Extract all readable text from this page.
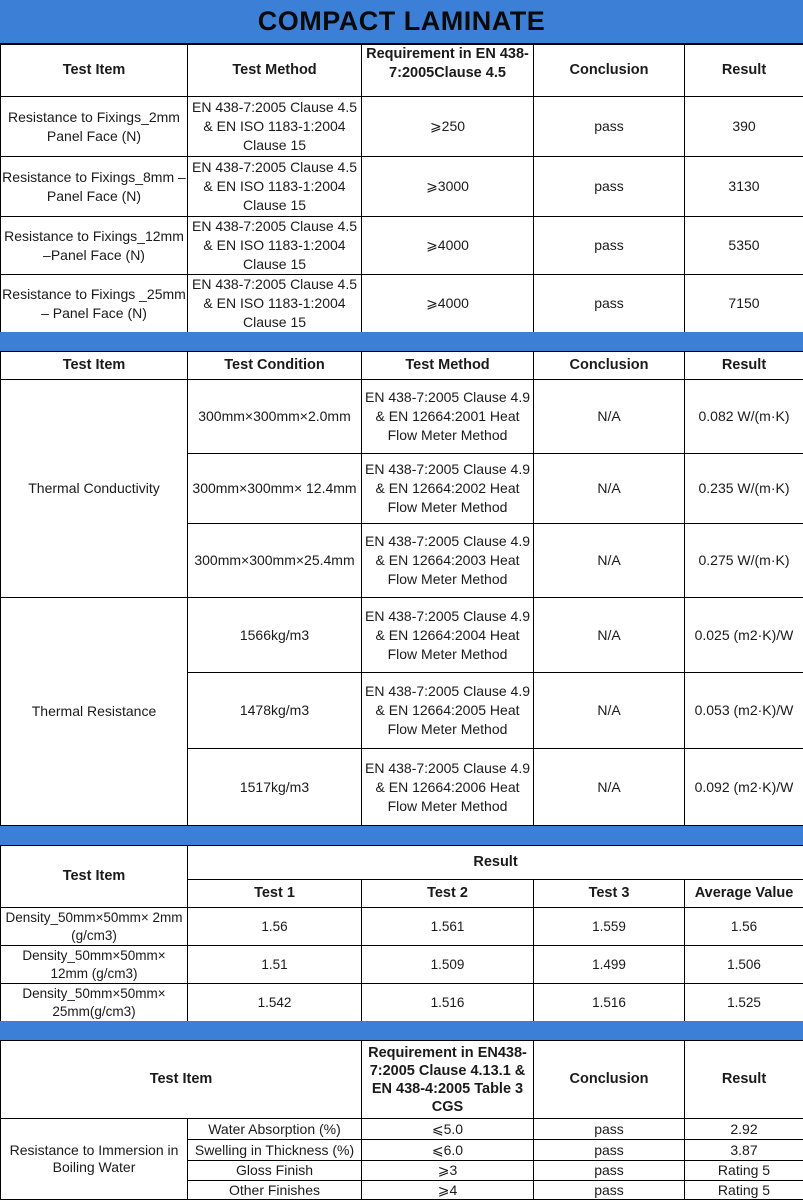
COMPACT LAMINATE
Test Item	Test Method	Requirement in EN 438-7:2005Clause 4.5	Conclusion	Result
Resistance to Fixings_2mm Panel Face (N)	EN 438-7:2005 Clause 4.5 & EN ISO 1183-1:2004 Clause 15	⩾250	pass	390
Resistance to Fixings_8mm –Panel Face (N)	EN 438-7:2005 Clause 4.5 & EN ISO 1183-1:2004 Clause 15	⩾3000	pass	3130
Resistance to Fixings_12mm –Panel Face (N)	EN 438-7:2005 Clause 4.5 & EN ISO 1183-1:2004 Clause 15	⩾4000	pass	5350
Resistance to Fixings _25mm – Panel Face (N)	EN 438-7:2005 Clause 4.5 & EN ISO 1183-1:2004 Clause 15	⩾4000	pass	7150
Test Item	Test Condition	Test Method	Conclusion	Result
Thermal Conductivity	300mm×300mm×2.0mm	EN 438-7:2005 Clause 4.9 & EN 12664:2001 Heat Flow Meter Method	N/A	0.082 W/(m·K)
	300mm×300mm× 12.4mm	EN 438-7:2005 Clause 4.9 & EN 12664:2002 Heat Flow Meter Method	N/A	0.235 W/(m·K)
	300mm×300mm×25.4mm	EN 438-7:2005 Clause 4.9 & EN 12664:2003 Heat Flow Meter Method	N/A	0.275 W/(m·K)
Thermal Resistance	1566kg/m3	EN 438-7:2005 Clause 4.9 & EN 12664:2004 Heat Flow Meter Method	N/A	0.025 (m2·K)/W
	1478kg/m3	EN 438-7:2005 Clause 4.9 & EN 12664:2005 Heat Flow Meter Method	N/A	0.053 (m2·K)/W
	1517kg/m3	EN 438-7:2005 Clause 4.9 & EN 12664:2006 Heat Flow Meter Method	N/A	0.092 (m2·K)/W
Test Item	Result			
	Test 1	Test 2	Test 3	Average Value
Density_50mm×50mm× 2mm (g/cm3)	1.56	1.561	1.559	1.56
Density_50mm×50mm× 12mm (g/cm3)	1.51	1.509	1.499	1.506
Density_50mm×50mm× 25mm(g/cm3)	1.542	1.516	1.516	1.525
Test Item		Requirement in EN438-7:2005 Clause 4.13.1 & EN 438-4:2005 Table 3 CGS	Conclusion	Result
Resistance to Immersion in Boiling Water	Water Absorption (%)	⩽5.0	pass	2.92
	Swelling in Thickness (%)	⩽6.0	pass	3.87
	Gloss Finish	⩾3	pass	Rating 5
	Other Finishes	⩾4	pass	Rating 5
